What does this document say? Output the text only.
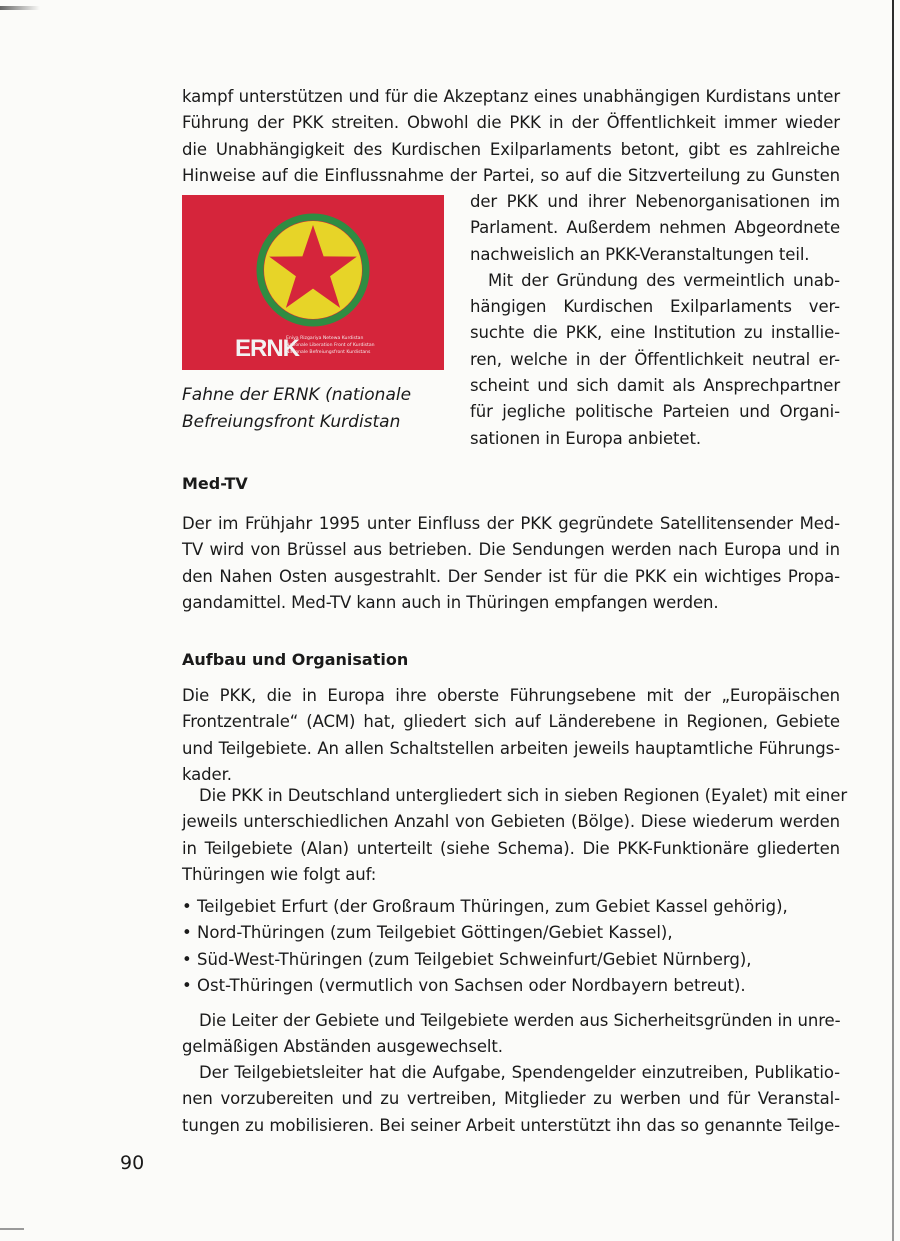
kampf unterstützen und für die Akzeptanz eines unabhängigen Kurdistans unter
Führung der PKK streiten. Obwohl die PKK in der Öffentlichkeit immer wieder
die Unabhängigkeit des Kurdischen Exilparlaments betont, gibt es zahlreiche
Hinweise auf die Einflussnahme der Partei, so auf die Sitzverteilung zu Gunsten
ERNK
Eniya Rizgariya Netewa Kurdistan
Nationale Liberation Front of Kurdistan
Nationale Befreiungsfront Kurdistans
Fahne der ERNK (nationale
Befreiungsfront Kurdistan
der PKK und ihrer Nebenorganisationen im
Parlament. Außerdem nehmen Abgeordnete
nachweislich an PKK-Veranstaltungen teil.
Mit der Gründung des vermeintlich unab-
hängigen Kurdischen Exilparlaments ver-
suchte die PKK, eine Institution zu installie-
ren, welche in der Öffentlichkeit neutral er-
scheint und sich damit als Ansprechpartner
für jegliche politische Parteien und Organi-
sationen in Europa anbietet.
Med-TV
Der im Frühjahr 1995 unter Einfluss der PKK gegründete Satellitensender Med-
TV wird von Brüssel aus betrieben. Die Sendungen werden nach Europa und in
den Nahen Osten ausgestrahlt. Der Sender ist für die PKK ein wichtiges Propa-
gandamittel. Med-TV kann auch in Thüringen empfangen werden.
Aufbau und Organisation
Die PKK, die in Europa ihre oberste Führungsebene mit der „Europäischen
Frontzentrale“ (ACM) hat, gliedert sich auf Länderebene in Regionen, Gebiete
und Teilgebiete. An allen Schaltstellen arbeiten jeweils hauptamtliche Führungs-
kader.
Die PKK in Deutschland untergliedert sich in sieben Regionen (Eyalet) mit einer
jeweils unterschiedlichen Anzahl von Gebieten (Bölge). Diese wiederum werden
in Teilgebiete (Alan) unterteilt (siehe Schema). Die PKK-Funktionäre gliederten
Thüringen wie folgt auf:
• Teilgebiet Erfurt (der Großraum Thüringen, zum Gebiet Kassel gehörig),
• Nord-Thüringen (zum Teilgebiet Göttingen/Gebiet Kassel),
• Süd-West-Thüringen (zum Teilgebiet Schweinfurt/Gebiet Nürnberg),
• Ost-Thüringen (vermutlich von Sachsen oder Nordbayern betreut).
Die Leiter der Gebiete und Teilgebiete werden aus Sicherheitsgründen in unre-
gelmäßigen Abständen ausgewechselt.
Der Teilgebietsleiter hat die Aufgabe, Spendengelder einzutreiben, Publikatio-
nen vorzubereiten und zu vertreiben, Mitglieder zu werben und für Veranstal-
tungen zu mobilisieren. Bei seiner Arbeit unterstützt ihn das so genannte Teilge-
90
